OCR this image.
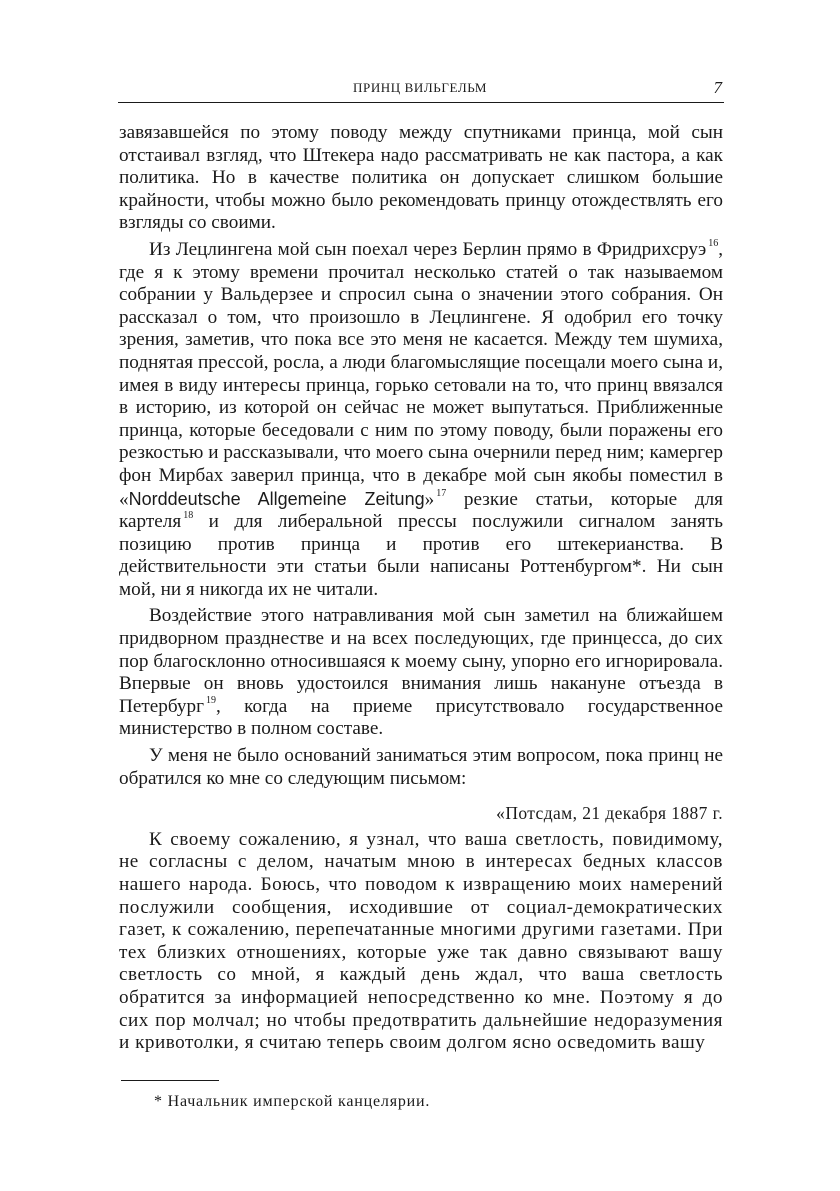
ПРИНЦ ВИЛЬГЕЛЬМ	7

завязавшейся по этому поводу между спутниками принца, мой сын отстаивал взгляд, что Штекера надо рассматривать не как пастора, а как политика. Но в качестве политика он допускает слишком большие крайности, чтобы можно было рекомендовать принцу отождествлять его взгляды со своими.

Из Лецлингена мой сын поехал через Берлин прямо в Фридрихсруэ $^{16}$, где я к этому времени прочитал несколько статей о так называемом собрании у Вальдерзее и спросил сына о значении этого собрания. Он рассказал о том, что произошло в Лецлингене. Я одобрил его точку зрения, заметив, что пока все это меня не касается. Между тем шумиха, поднятая прессой, росла, а люди благомыслящие посещали моего сына и, имея в виду интересы принца, горько сетовали на то, что принц ввязался в историю, из которой он сейчас не может выпутаться. Приближенные принца, которые беседовали с ним по этому поводу, были поражены его резкостью и рассказывали, что моего сына очернили перед ним; камергер фон Мирбах заверил принца, что в декабре мой сын якобы поместил в «Norddeutsche Allgemeine Zeitung» $^{17}$ резкие статьи, которые для картеля $^{18}$ и для либеральной прессы послужили сигналом занять позицию против принца и против его штекерианства. В действительности эти статьи были написаны Роттенбургом*. Ни сын мой, ни я никогда их не читали.

Воздействие этого натравливания мой сын заметил на ближайшем придворном празднестве и на всех последующих, где принцесса, до сих пор благосклонно относившаяся к моему сыну, упорно его игнорировала. Впервые он вновь удостоился внимания лишь накануне отъезда в Петербург $^{19}$, когда на приеме присутствовало государственное министерство в полном составе.

У меня не было оснований заниматься этим вопросом, пока принц не обратился ко мне со следующим письмом:

«Потсдам, 21 декабря 1887 г.

К своему сожалению, я узнал, что ваша светлость, повидимому, не согласны с делом, начатым мною в интересах бедных классов нашего народа. Боюсь, что поводом к извращению моих намерений послужили сообщения, исходившие от социал-демократических газет, к сожалению, перепечатанные многими другими газетами. При тех близких отношениях, которые уже так давно связывают вашу светлость со мной, я каждый день ждал, что ваша светлость обратится за информацией непосредственно ко мне. Поэтому я до сих пор молчал; но чтобы предотвратить дальнейшие недоразумения и кривотолки, я считаю теперь своим долгом ясно осведомить вашу

* Начальник имперской канцелярии.
